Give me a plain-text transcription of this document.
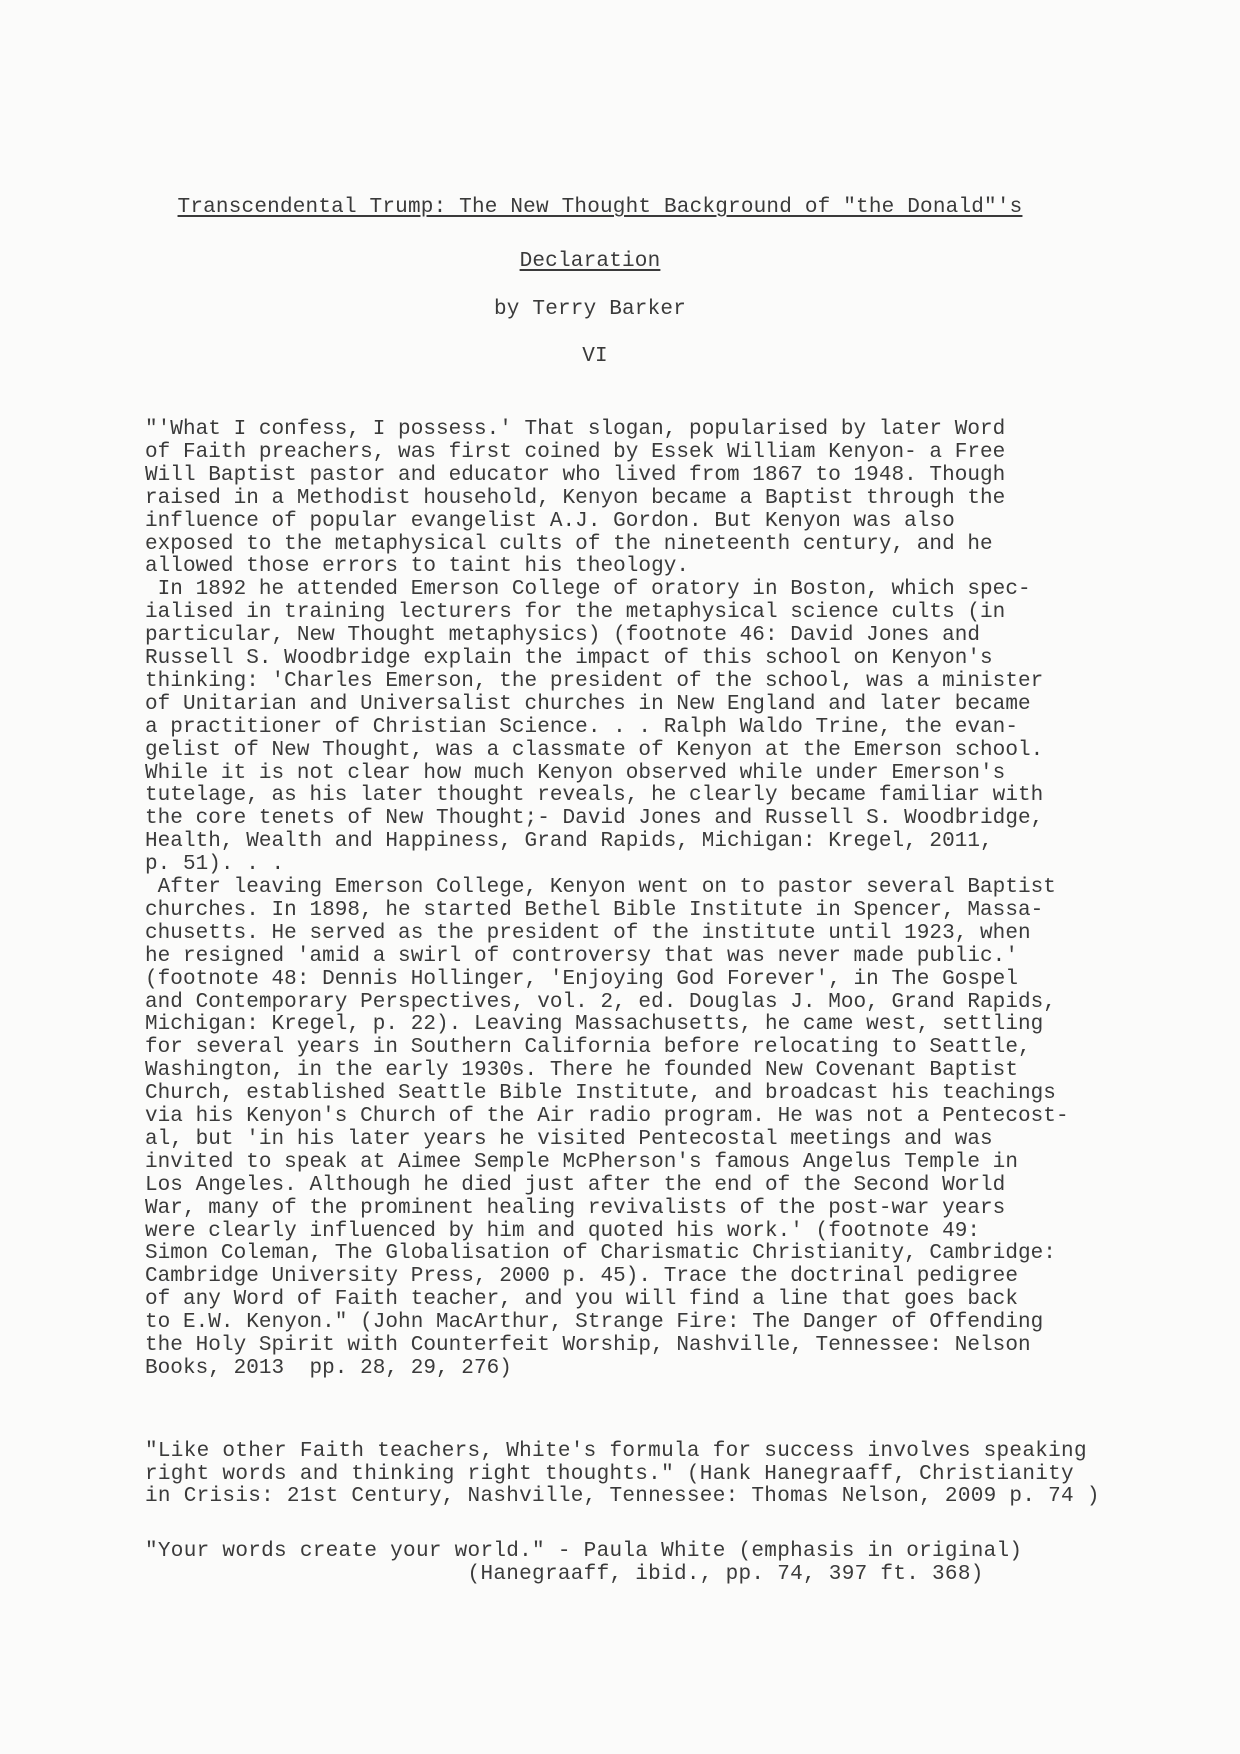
Transcendental Trump: The New Thought Background of "the Donald"'s
Declaration
by Terry Barker
VI
"'What I confess, I possess.' That slogan, popularised by later Word
of Faith preachers, was first coined by Essek William Kenyon- a Free
Will Baptist pastor and educator who lived from 1867 to 1948. Though
raised in a Methodist household, Kenyon became a Baptist through the
influence of popular evangelist A.J. Gordon. But Kenyon was also
exposed to the metaphysical cults of the nineteenth century, and he
allowed those errors to taint his theology.
In 1892 he attended Emerson College of oratory in Boston, which spec-
ialised in training lecturers for the metaphysical science cults (in
particular, New Thought metaphysics) (footnote 46: David Jones and
Russell S. Woodbridge explain the impact of this school on Kenyon's
thinking: 'Charles Emerson, the president of the school, was a minister
of Unitarian and Universalist churches in New England and later became
a practitioner of Christian Science. . . Ralph Waldo Trine, the evan-
gelist of New Thought, was a classmate of Kenyon at the Emerson school.
While it is not clear how much Kenyon observed while under Emerson's
tutelage, as his later thought reveals, he clearly became familiar with
the core tenets of New Thought;- David Jones and Russell S. Woodbridge,
Health, Wealth and Happiness, Grand Rapids, Michigan: Kregel, 2011,
p. 51). . .
After leaving Emerson College, Kenyon went on to pastor several Baptist
churches. In 1898, he started Bethel Bible Institute in Spencer, Massa-
chusetts. He served as the president of the institute until 1923, when
he resigned 'amid a swirl of controversy that was never made public.'
(footnote 48: Dennis Hollinger, 'Enjoying God Forever', in The Gospel
and Contemporary Perspectives, vol. 2, ed. Douglas J. Moo, Grand Rapids,
Michigan: Kregel, p. 22). Leaving Massachusetts, he came west, settling
for several years in Southern California before relocating to Seattle,
Washington, in the early 1930s. There he founded New Covenant Baptist
Church, established Seattle Bible Institute, and broadcast his teachings
via his Kenyon's Church of the Air radio program. He was not a Pentecost-
al, but 'in his later years he visited Pentecostal meetings and was
invited to speak at Aimee Semple McPherson's famous Angelus Temple in
Los Angeles. Although he died just after the end of the Second World
War, many of the prominent healing revivalists of the post-war years
were clearly influenced by him and quoted his work.' (footnote 49:
Simon Coleman, The Globalisation of Charismatic Christianity, Cambridge:
Cambridge University Press, 2000 p. 45). Trace the doctrinal pedigree
of any Word of Faith teacher, and you will find a line that goes back
to E.W. Kenyon." (John MacArthur, Strange Fire: The Danger of Offending
the Holy Spirit with Counterfeit Worship, Nashville, Tennessee: Nelson
Books, 2013  pp. 28, 29, 276)
"Like other Faith teachers, White's formula for success involves speaking
right words and thinking right thoughts." (Hank Hanegraaff, Christianity
in Crisis: 21st Century, Nashville, Tennessee: Thomas Nelson, 2009 p. 74 )
"Your words create your world." - Paula White (emphasis in original)
(Hanegraaff, ibid., pp. 74, 397 ft. 368)
